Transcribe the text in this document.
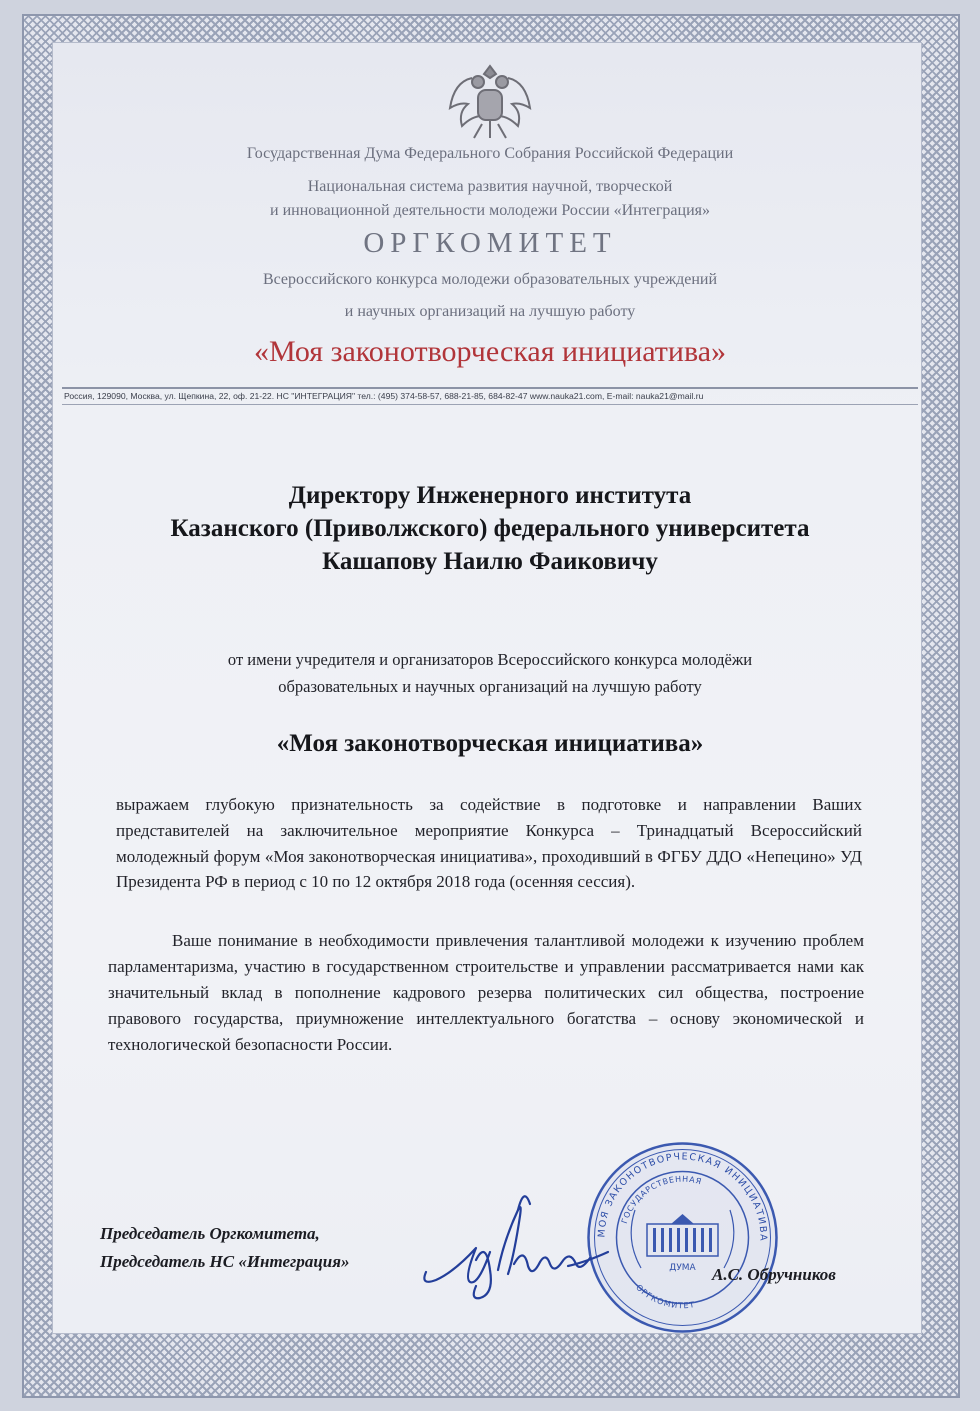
Государственная Дума Федерального Собрания Российской Федерации
Национальная система развития научной, творческой
и инновационной деятельности молодежи России «Интеграция»
ОРГКОМИТЕТ
Всероссийского конкурса молодежи образовательных учреждений
и научных организаций на лучшую работу
«Моя законотворческая инициатива»
Россия, 129090, Москва, ул. Щепкина, 22, оф. 21-22. НС "ИНТЕГРАЦИЯ" тел.: (495) 374-58-57, 688-21-85, 684-82-47 www.nauka21.com, E-mail: nauka21@mail.ru
Директору Инженерного института
Казанского (Приволжского) федерального университета
Кашапову Наилю Фаиковичу
от имени учредителя и организаторов Всероссийского конкурса молодёжи
образовательных и научных организаций на лучшую работу
«Моя законотворческая инициатива»
выражаем глубокую признательность за содействие в подготовке и направлении Ваших представителей на заключительное мероприятие Конкурса – Тринадцатый Всероссийский молодежный форум «Моя законотворческая инициатива», проходивший в ФГБУ ДДО «Непецино» УД Президента РФ в период с 10 по 12 октября 2018 года (осенняя сессия).
Ваше понимание в необходимости привлечения талантливой молодежи к изучению проблем парламентаризма, участию в государственном строительстве и управлении рассматривается нами как значительный вклад в пополнение кадрового резерва политических сил общества, построение правового государства, приумножение интеллектуального богатства – основу экономической и технологической безопасности России.
Председатель Оргкомитета,
Председатель НС «Интеграция»
МОЯ ЗАКОНОТВОРЧЕСКАЯ ИНИЦИАТИВА
ГОСУДАРСТВЕННАЯ
ОРГКОМИТЕТ
ДУМА А.С. Обручников
